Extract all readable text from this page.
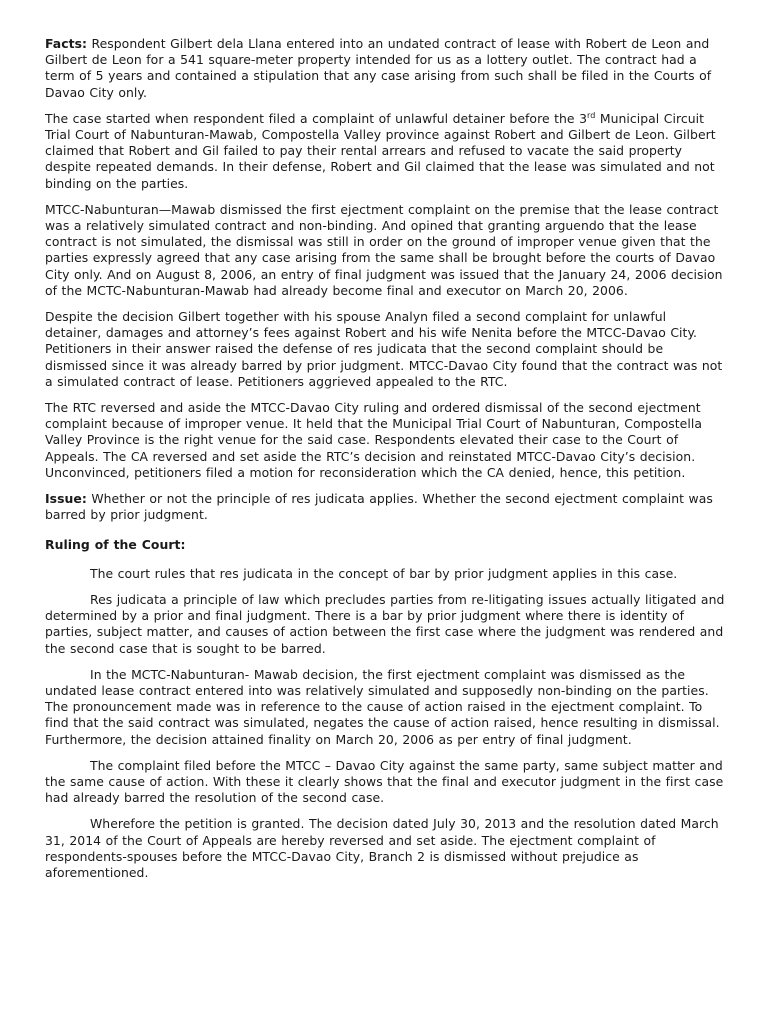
Facts: Respondent Gilbert dela Llana entered into an undated contract of lease with Robert de Leon and Gilbert de Leon for a 541 square-meter property intended for us as a lottery outlet. The contract had a term of 5 years and contained a stipulation that any case arising from such shall be filed in the Courts of Davao City only.

The case started when respondent filed a complaint of unlawful detainer before the 3rd Municipal Circuit Trial Court of Nabunturan-Mawab, Compostella Valley province against Robert and Gilbert de Leon. Gilbert claimed that Robert and Gil failed to pay their rental arrears and refused to vacate the said property despite repeated demands. In their defense, Robert and Gil claimed that the lease was simulated and not binding on the parties.

MTCC-Nabunturan—Mawab dismissed the first ejectment complaint on the premise that the lease contract was a relatively simulated contract and non-binding. And opined that granting arguendo that the lease contract is not simulated, the dismissal was still in order on the ground of improper venue given that the parties expressly agreed that any case arising from the same shall be brought before the courts of Davao City only. And on August 8, 2006, an entry of final judgment was issued that the January 24, 2006 decision of the MCTC-Nabunturan-Mawab had already become final and executor on March 20, 2006.

Despite the decision Gilbert together with his spouse Analyn filed a second complaint for unlawful detainer, damages and attorney’s fees against Robert and his wife Nenita before the MTCC-Davao City. Petitioners in their answer raised the defense of res judicata that the second complaint should be dismissed since it was already barred by prior judgment. MTCC-Davao City found that the contract was not a simulated contract of lease. Petitioners aggrieved appealed to the RTC.

The RTC reversed and aside the MTCC-Davao City ruling and ordered dismissal of the second ejectment complaint because of improper venue. It held that the Municipal Trial Court of Nabunturan, Compostella Valley Province is the right venue for the said case. Respondents elevated their case to the Court of Appeals. The CA reversed and set aside the RTC’s decision and reinstated MTCC-Davao City’s decision. Unconvinced, petitioners filed a motion for reconsideration which the CA denied, hence, this petition.

Issue: Whether or not the principle of res judicata applies. Whether the second ejectment complaint was barred by prior judgment.

Ruling of the Court:

The court rules that res judicata in the concept of bar by prior judgment applies in this case.

Res judicata a principle of law which precludes parties from re-litigating issues actually litigated and determined by a prior and final judgment. There is a bar by prior judgment where there is identity of parties, subject matter, and causes of action between the first case where the judgment was rendered and the second case that is sought to be barred.

In the MCTC-Nabunturan- Mawab decision, the first ejectment complaint was dismissed as the undated lease contract entered into was relatively simulated and supposedly non-binding on the parties. The pronouncement made was in reference to the cause of action raised in the ejectment complaint. To find that the said contract was simulated, negates the cause of action raised, hence resulting in dismissal. Furthermore, the decision attained finality on March 20, 2006 as per entry of final judgment.

The complaint filed before the MTCC – Davao City against the same party, same subject matter and the same cause of action. With these it clearly shows that the final and executor judgment in the first case had already barred the resolution of the second case.

Wherefore the petition is granted. The decision dated July 30, 2013 and the resolution dated March 31, 2014 of the Court of Appeals are hereby reversed and set aside. The ejectment complaint of respondents-spouses before the MTCC-Davao City, Branch 2 is dismissed without prejudice as aforementioned.
